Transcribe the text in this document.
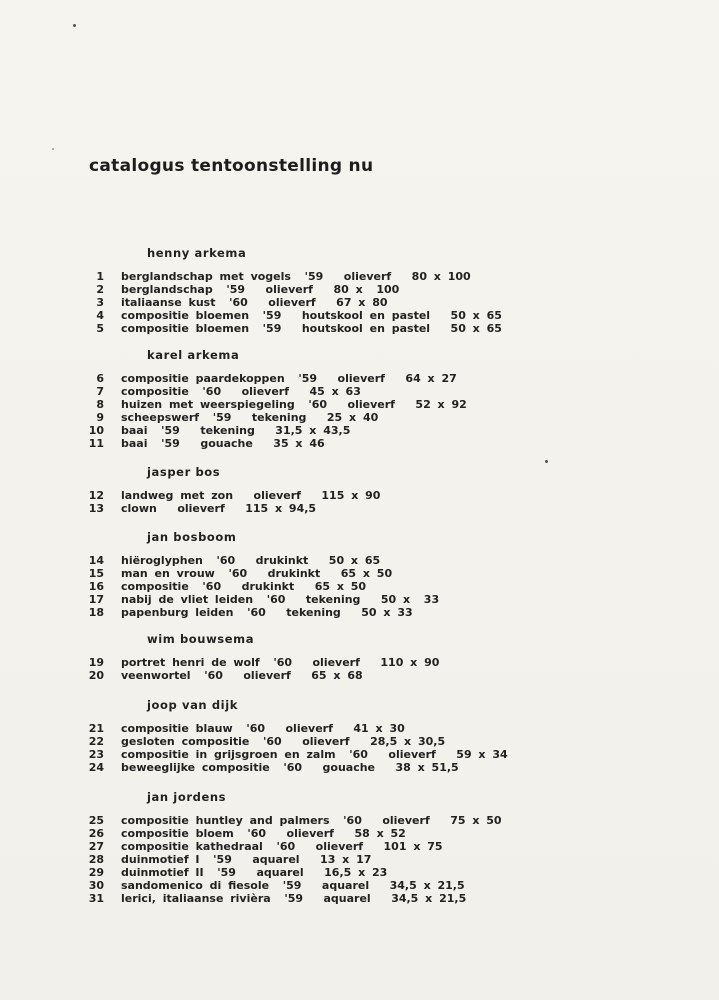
catalogus tentoonstelling nu
henny arkema
1 berglandschap met vogels  '59   olieverf   80 x 100
2 berglandschap  '59   olieverf   80 x  100
3 italiaanse kust  '60   olieverf   67 x 80
4 compositie bloemen  '59   houtskool en pastel   50 x 65
5 compositie bloemen  '59   houtskool en pastel   50 x 65
karel arkema
6 compositie paardekoppen  '59   olieverf   64 x 27
7 compositie  '60   olieverf   45 x 63
8 huizen met weerspiegeling  '60   olieverf   52 x 92
9 scheepswerf  '59   tekening   25 x 40
10 baai  '59   tekening   31,5 x 43,5
11 baai  '59   gouache   35 x 46
jasper bos
12 landweg met zon   olieverf   115 x 90
13 clown   olieverf   115 x 94,5
jan bosboom
14 hiëroglyphen  '60   drukinkt   50 x 65
15 man en vrouw  '60   drukinkt   65 x 50
16 compositie  '60   drukinkt   65 x 50
17 nabij de vliet leiden  '60   tekening   50 x  33
18 papenburg leiden  '60   tekening   50 x 33
wim bouwsema
19 portret henri de wolf  '60   olieverf   110 x 90
20 veenwortel  '60   olieverf   65 x 68
joop van dijk
21 compositie blauw  '60   olieverf   41 x 30
22 gesloten compositie  '60   olieverf   28,5 x 30,5
23 compositie in grijsgroen en zalm  '60   olieverf   59 x 34
24 beweeglijke compositie  '60   gouache   38 x 51,5
jan jordens
25 compositie huntley and palmers  '60   olieverf   75 x 50
26 compositie bloem  '60   olieverf   58 x 52
27 compositie kathedraal  '60   olieverf   101 x 75
28 duinmotief I  '59   aquarel   13 x 17
29 duinmotief II  '59   aquarel   16,5 x 23
30 sandomenico di fiesole  '59   aquarel   34,5 x 21,5
31 lerici, italiaanse rivièra  '59   aquarel   34,5 x 21,5
